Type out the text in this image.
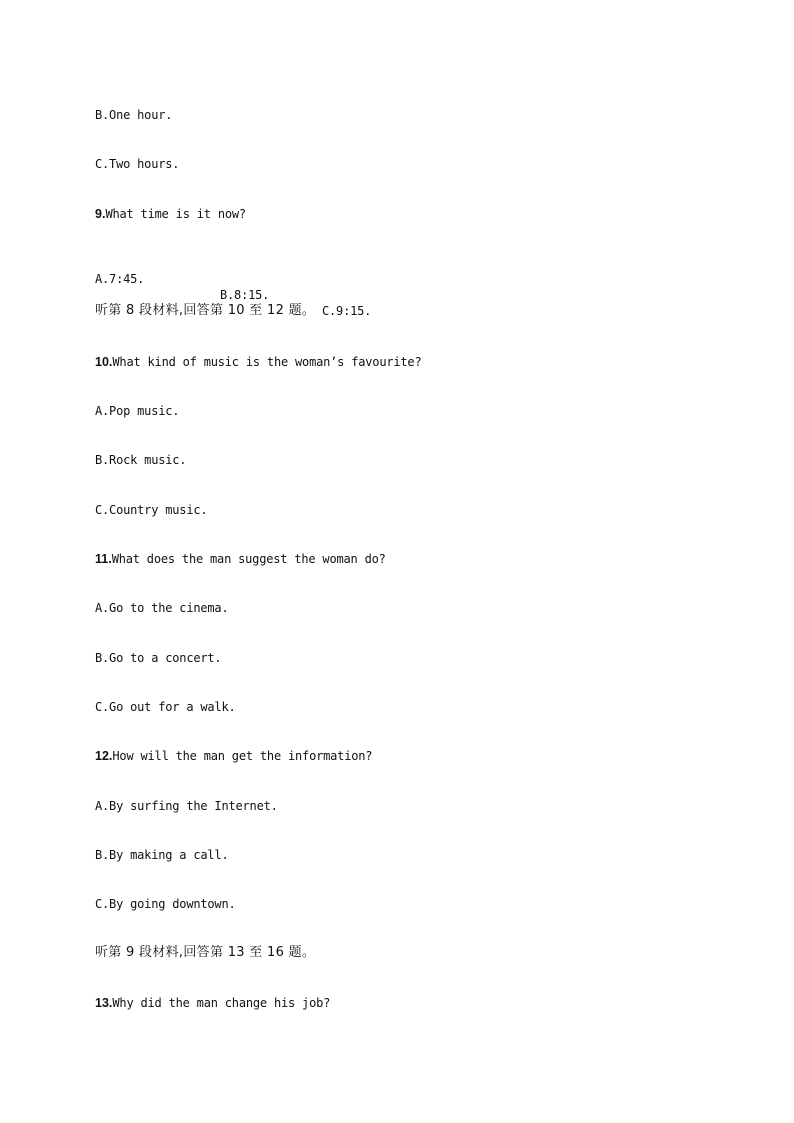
B.One hour.
C.Two hours.
9.What time is it now?

A.7:45.

B.8:15.

C.9:15.

听第 8 段材料,回答第 10 至 12 题。
10.What kind of music is the woman’s favourite?
A.Pop music.
B.Rock music.
C.Country music.
11.What does the man suggest the woman do?
A.Go to the cinema.
B.Go to a concert.
C.Go out for a walk.
12.How will the man get the information?
A.By surfing the Internet.
B.By making a call.
C.By going downtown.
听第 9 段材料,回答第 13 至 16 题。
13.Why did the man change his job?
